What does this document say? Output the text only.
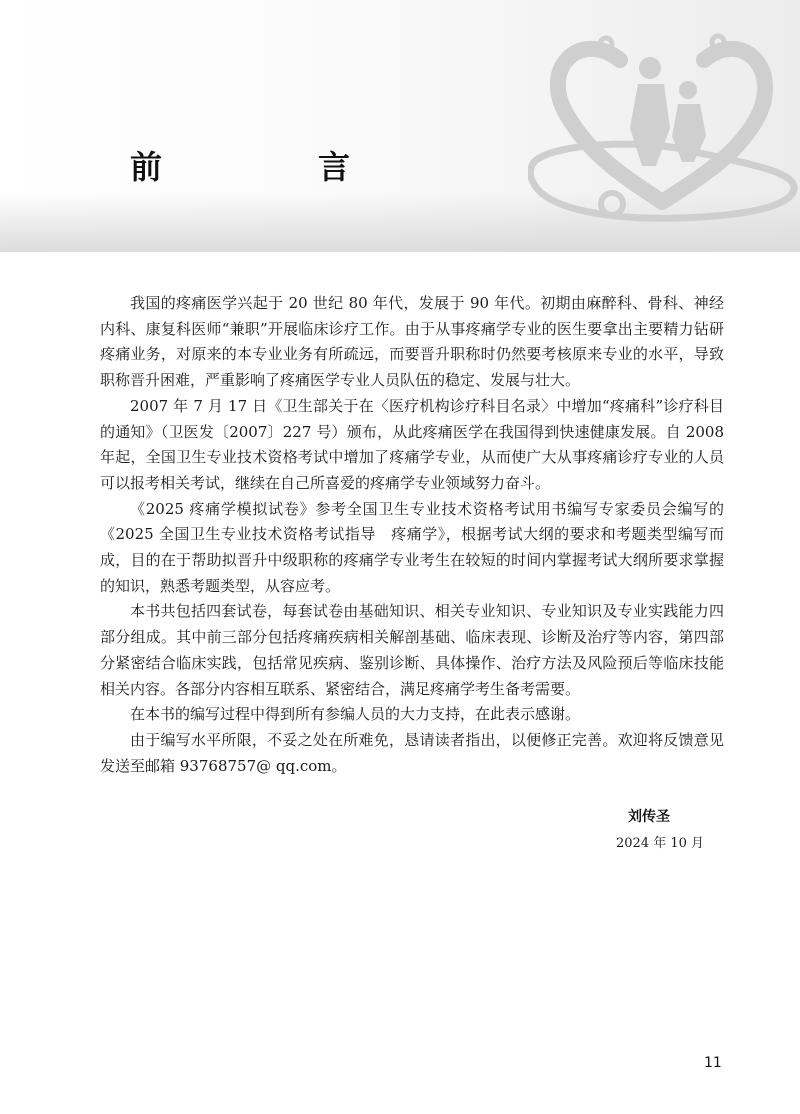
前　言

我国的疼痛医学兴起于 20 世纪 80 年代，发展于 90 年代。初期由麻醉科、骨科、神经内科、康复科医师“兼职”开展临床诊疗工作。由于从事疼痛学专业的医生要拿出主要精力钻研疼痛业务，对原来的本专业业务有所疏远，而要晋升职称时仍然要考核原来专业的水平，导致职称晋升困难，严重影响了疼痛医学专业人员队伍的稳定、发展与壮大。

2007 年 7 月 17 日《卫生部关于在〈医疗机构诊疗科目名录〉中增加“疼痛科”诊疗科目的通知》（卫医发〔2007〕227 号）颁布，从此疼痛医学在我国得到快速健康发展。自 2008 年起，全国卫生专业技术资格考试中增加了疼痛学专业，从而使广大从事疼痛诊疗专业的人员可以报考相关考试，继续在自己所喜爱的疼痛学专业领域努力奋斗。

《2025 疼痛学模拟试卷》参考全国卫生专业技术资格考试用书编写专家委员会编写的《2025 全国卫生专业技术资格考试指导　疼痛学》，根据考试大纲的要求和考题类型编写而成，目的在于帮助拟晋升中级职称的疼痛学专业考生在较短的时间内掌握考试大纲所要求掌握的知识，熟悉考题类型，从容应考。

本书共包括四套试卷，每套试卷由基础知识、相关专业知识、专业知识及专业实践能力四部分组成。其中前三部分包括疼痛疾病相关解剖基础、临床表现、诊断及治疗等内容，第四部分紧密结合临床实践，包括常见疾病、鉴别诊断、具体操作、治疗方法及风险预后等临床技能相关内容。各部分内容相互联系、紧密结合，满足疼痛学考生备考需要。

在本书的编写过程中得到所有参编人员的大力支持，在此表示感谢。

由于编写水平所限，不妥之处在所难免，恳请读者指出，以便修正完善。欢迎将反馈意见发送至邮箱 93768757@ qq.com。

刘传圣

2024 年 10 月

11
